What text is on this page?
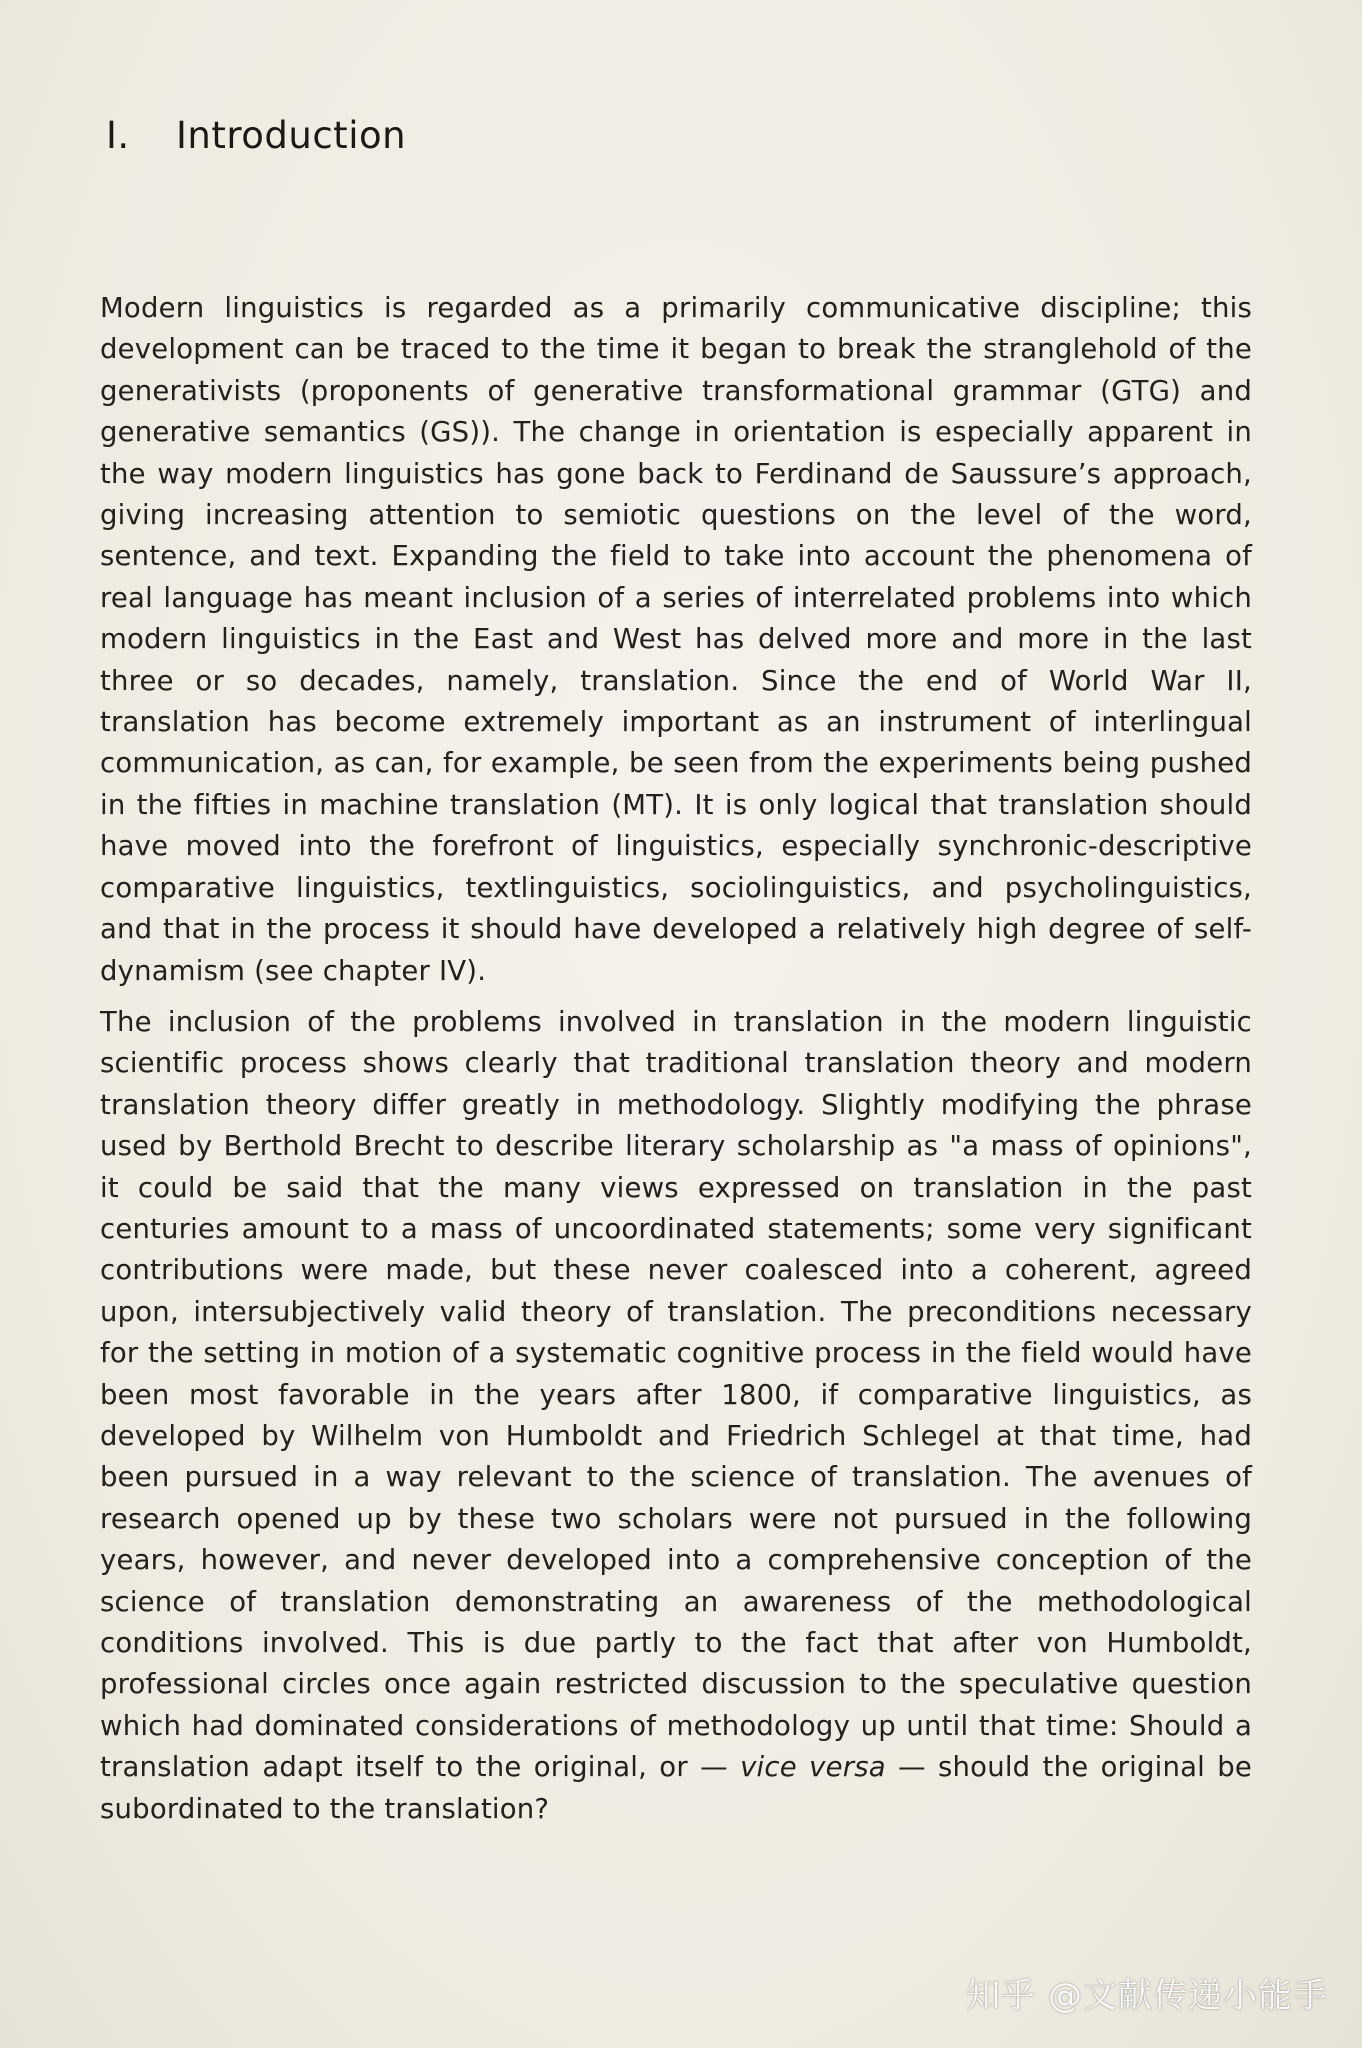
I. Introduction

Modern linguistics is regarded as a primarily communicative discipline; this development can be traced to the time it began to break the stranglehold of the generativists (proponents of generative transformational grammar (GTG) and generative semantics (GS)). The change in orientation is especially apparent in the way modern linguistics has gone back to Ferdinand de Saussure’s approach, giving increasing attention to semiotic questions on the level of the word, sentence, and text. Expanding the field to take into account the phenomena of real language has meant inclusion of a series of interrelated problems into which modern linguistics in the East and West has delved more and more in the last three or so decades, namely, translation. Since the end of World War II, translation has become extremely important as an instrument of interlingual communication, as can, for example, be seen from the experiments being pushed in the fifties in machine translation (MT). It is only logical that translation should have moved into the forefront of linguistics, especially synchronic-descriptive comparative linguistics, textlinguistics, sociolinguistics, and psycholinguistics, and that in the process it should have developed a relatively high degree of self-dynamism (see chapter IV).

The inclusion of the problems involved in translation in the modern linguistic scientific process shows clearly that traditional translation theory and modern translation theory differ greatly in methodology. Slightly modifying the phrase used by Berthold Brecht to describe literary scholarship as "a mass of opinions", it could be said that the many views expressed on translation in the past centuries amount to a mass of uncoordinated statements; some very significant contributions were made, but these never coalesced into a coherent, agreed upon, intersubjectively valid theory of translation. The preconditions necessary for the setting in motion of a systematic cognitive process in the field would have been most favorable in the years after 1800, if comparative linguistics, as developed by Wilhelm von Humboldt and Friedrich Schlegel at that time, had been pursued in a way relevant to the science of translation. The avenues of research opened up by these two scholars were not pursued in the following years, however, and never developed into a comprehensive conception of the science of translation demonstrating an awareness of the methodological conditions involved. This is due partly to the fact that after von Humboldt, professional circles once again restricted discussion to the speculative question which had dominated considerations of methodology up until that time: Should a translation adapt itself to the original, or — vice versa — should the original be subordinated to the translation?

知乎 @文献传递小能手
